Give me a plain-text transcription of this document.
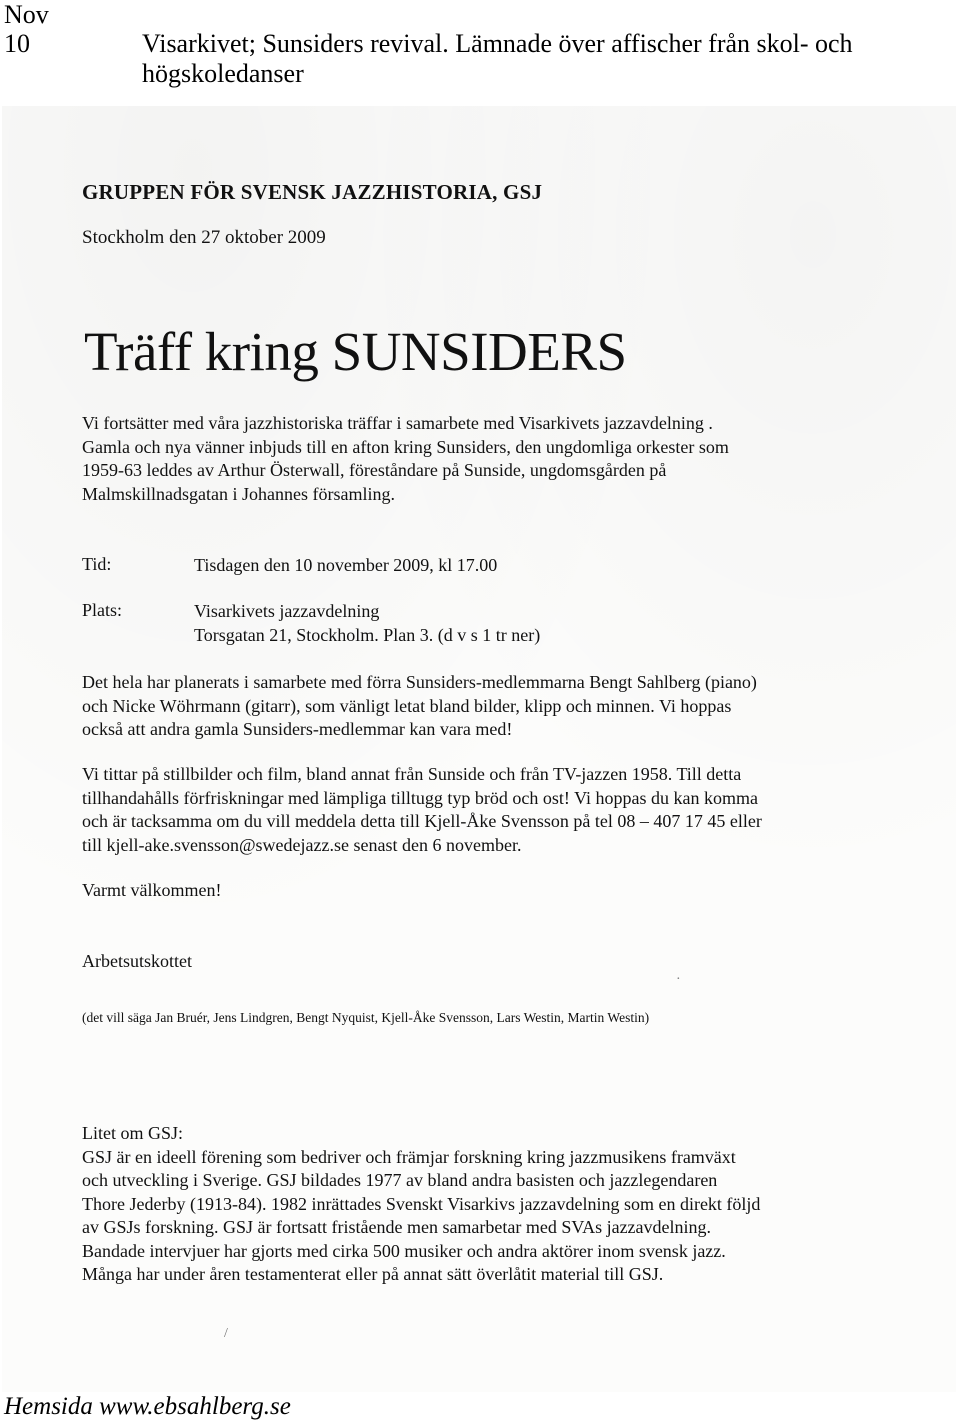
Nov
10	Visarkivet; Sunsiders revival. Lämnade över affischer från skol- och högskoledanser
GRUPPEN FÖR SVENSK JAZZHISTORIA, GSJ
Stockholm den 27 oktober 2009
Träff kring SUNSIDERS
Vi fortsätter med våra jazzhistoriska träffar i samarbete med Visarkivets jazzavdelning .
Gamla och nya vänner inbjuds till en afton kring Sunsiders, den ungdomliga orkester som
1959-63 leddes av Arthur Österwall, föreståndare på Sunside, ungdomsgården på
Malmskillnadsgatan i Johannes församling.
Tid:	Tisdagen den 10 november 2009, kl 17.00
Plats:	Visarkivets jazzavdelning
Torsgatan 21, Stockholm. Plan 3. (d v s 1 tr ner)
Det hela har planerats i samarbete med förra Sunsiders-medlemmarna Bengt Sahlberg (piano)
och Nicke Wöhrmann (gitarr), som vänligt letat bland bilder, klipp och minnen. Vi hoppas
också att andra gamla Sunsiders-medlemmar kan vara med!
Vi tittar på stillbilder och film, bland annat från Sunside och från TV-jazzen 1958. Till detta
tillhandahålls förfriskningar med lämpliga tilltugg typ bröd och ost! Vi hoppas du kan komma
och är tacksamma om du vill meddela detta till Kjell-Åke Svensson på tel 08 – 407 17 45 eller
till kjell-ake.svensson@swedejazz.se senast den 6 november.
Varmt välkommen!
Arbetsutskottet
(det vill säga Jan Bruér, Jens Lindgren, Bengt Nyquist, Kjell-Åke Svensson, Lars Westin, Martin Westin)
Litet om GSJ:
GSJ är en ideell förening som bedriver och främjar forskning kring jazzmusikens framväxt
och utveckling i Sverige. GSJ bildades 1977 av bland andra basisten och jazzlegendaren
Thore Jederby (1913-84). 1982 inrättades Svenskt Visarkivs jazzavdelning som en direkt följd
av GSJs forskning. GSJ är fortsatt fristående men samarbetar med SVAs jazzavdelning.
Bandade intervjuer har gjorts med cirka 500 musiker och andra aktörer inom svensk jazz.
Många har under åren testamenterat eller på annat sätt överlåtit material till GSJ.
·
/
Hemsida www.ebsahlberg.se
